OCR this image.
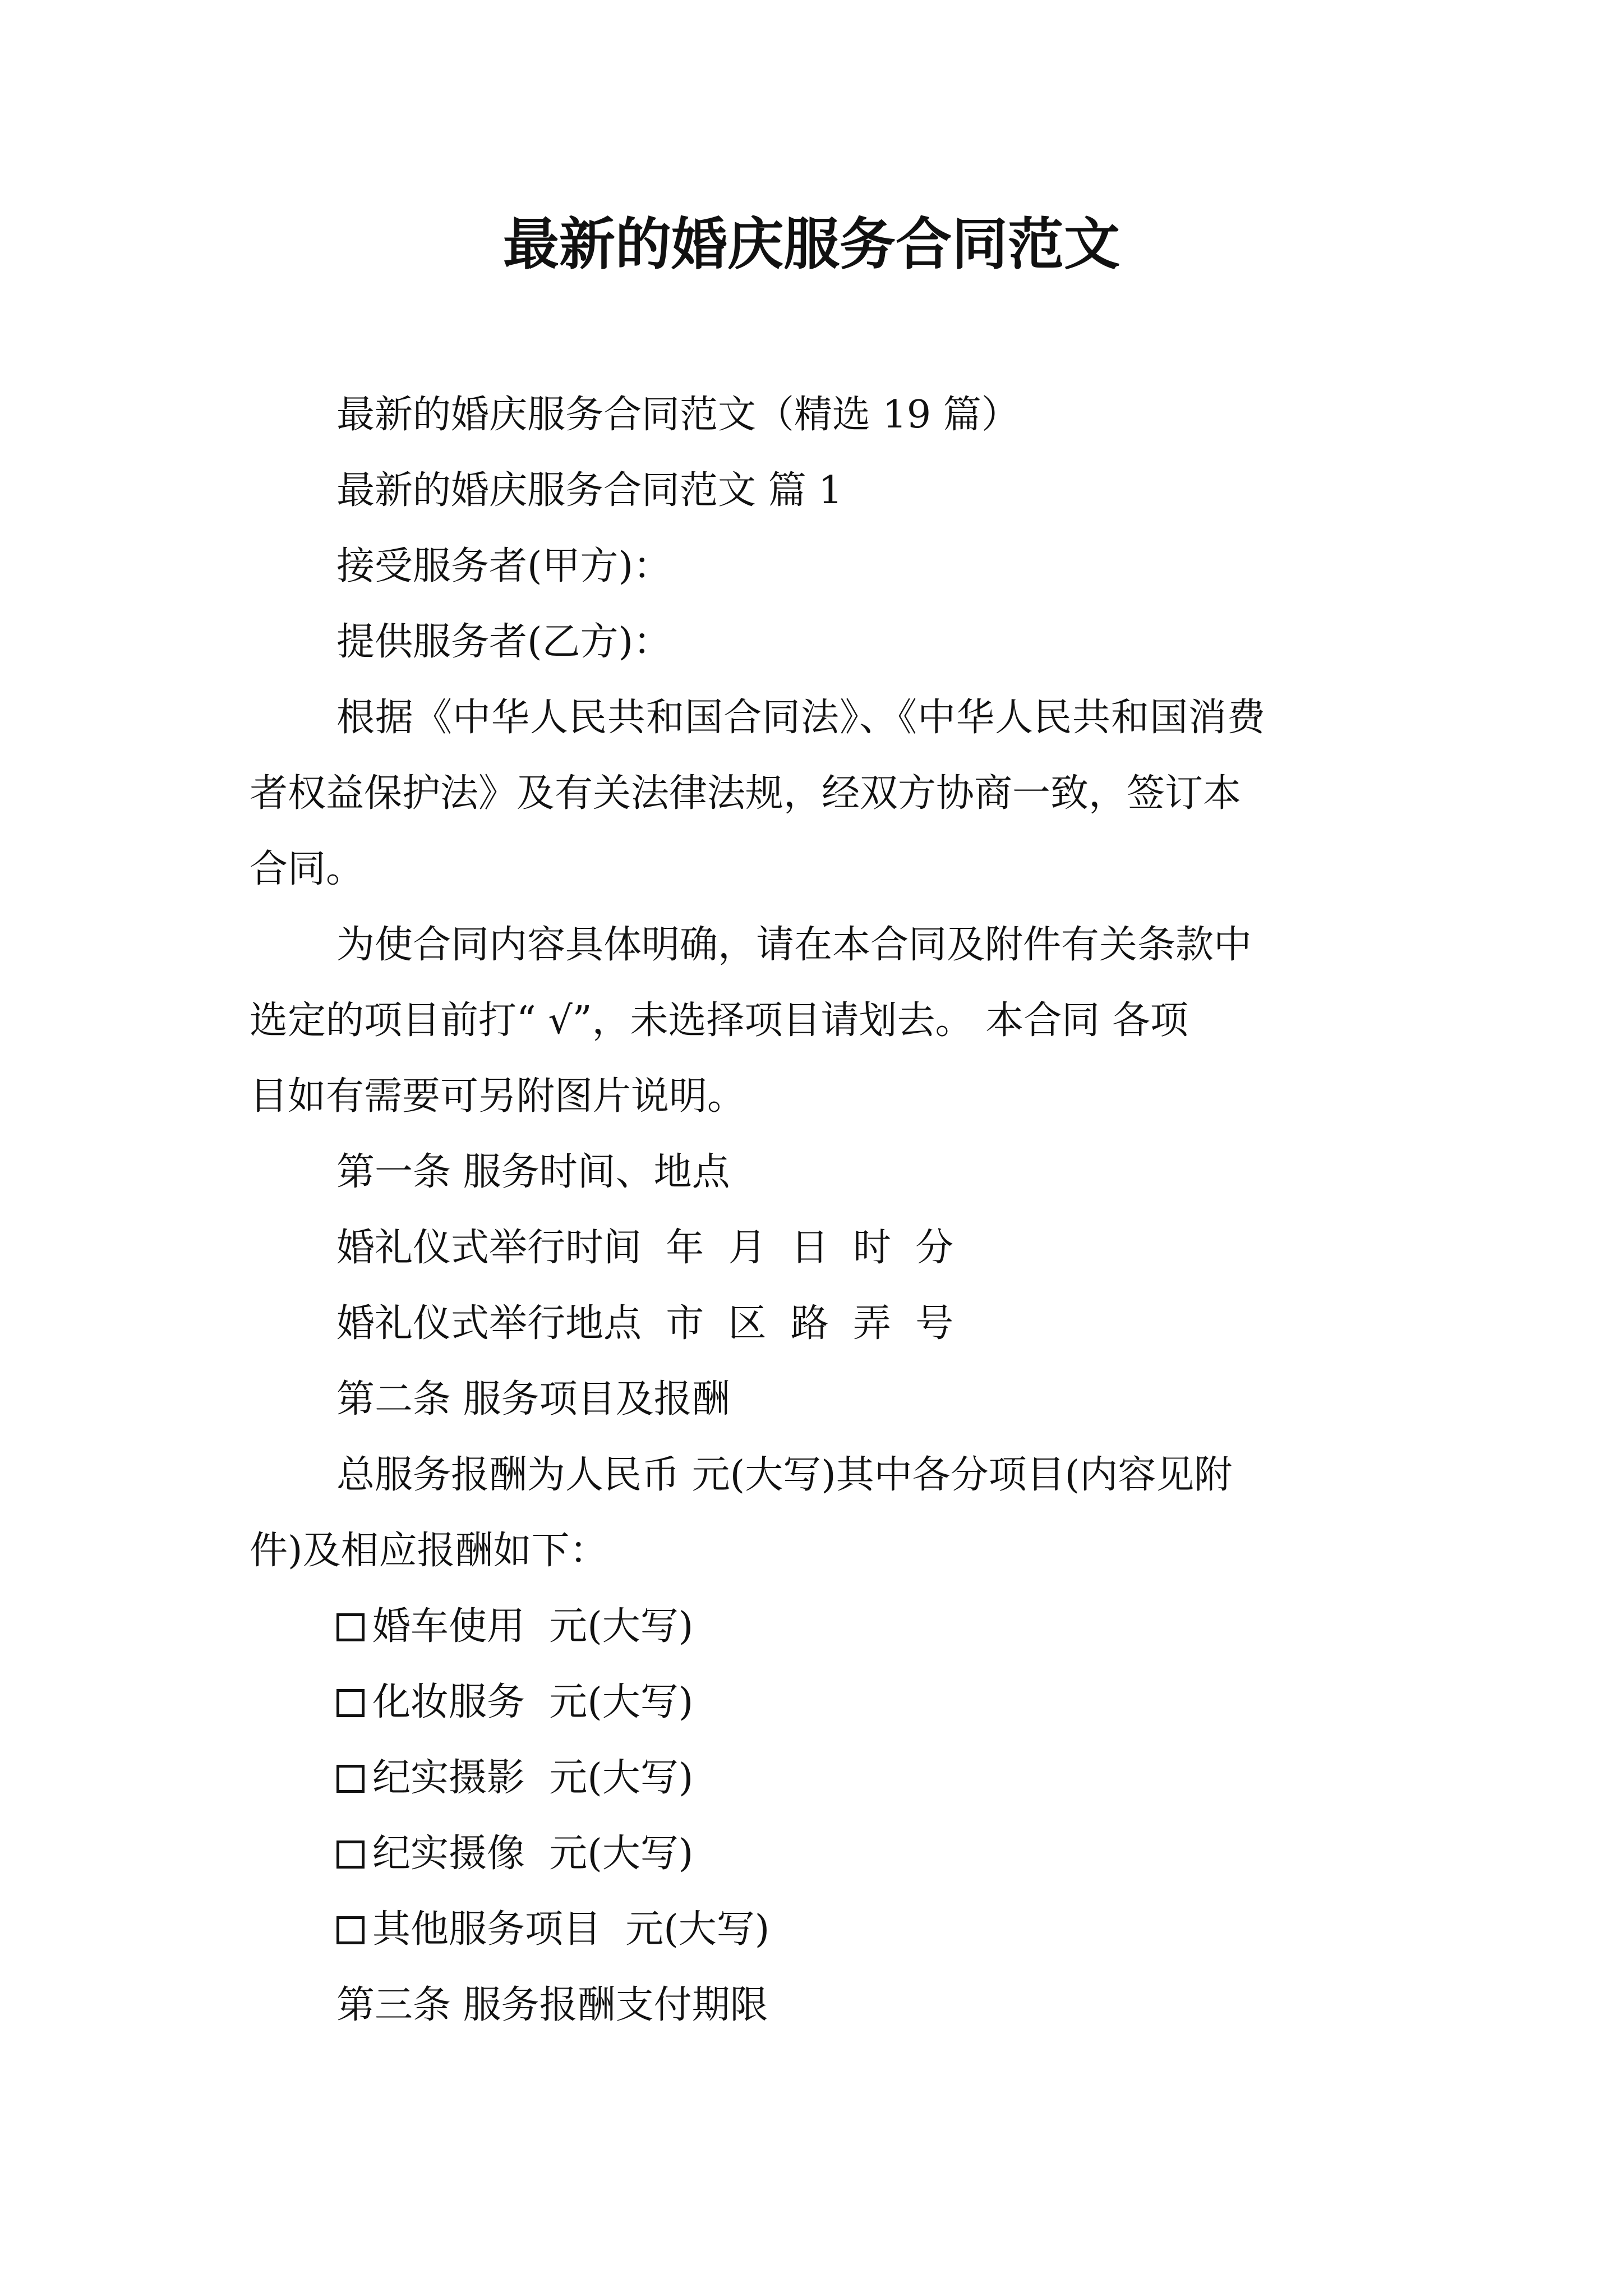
最新的婚庆服务合同范文

最新的婚庆服务合同范文（精选 19 篇）

最新的婚庆服务合同范文 篇 1

接受服务者(甲方)：

提供服务者(乙方)：

根据《中华人民共和国合同法》、《中华人民共和国消费

者权益保护法》及有关法律法规，经双方协商一致，签订本

合同。

为使合同内容具体明确，请在本合同及附件有关条款中

选定的项目前打“ √”，未选择项目请划去。 本合同 各项

目如有需要可另附图片说明。

第一条 服务时间、地点

婚礼仪式举行时间  年  月  日  时  分

婚礼仪式举行地点  市  区  路  弄  号

第二条 服务项目及报酬

总服务报酬为人民币 元(大写)其中各分项目(内容见附

件)及相应报酬如下：

婚车使用  元(大写)

化妆服务  元(大写)

纪实摄影  元(大写)

纪实摄像  元(大写)

其他服务项目  元(大写)

第三条 服务报酬支付期限
